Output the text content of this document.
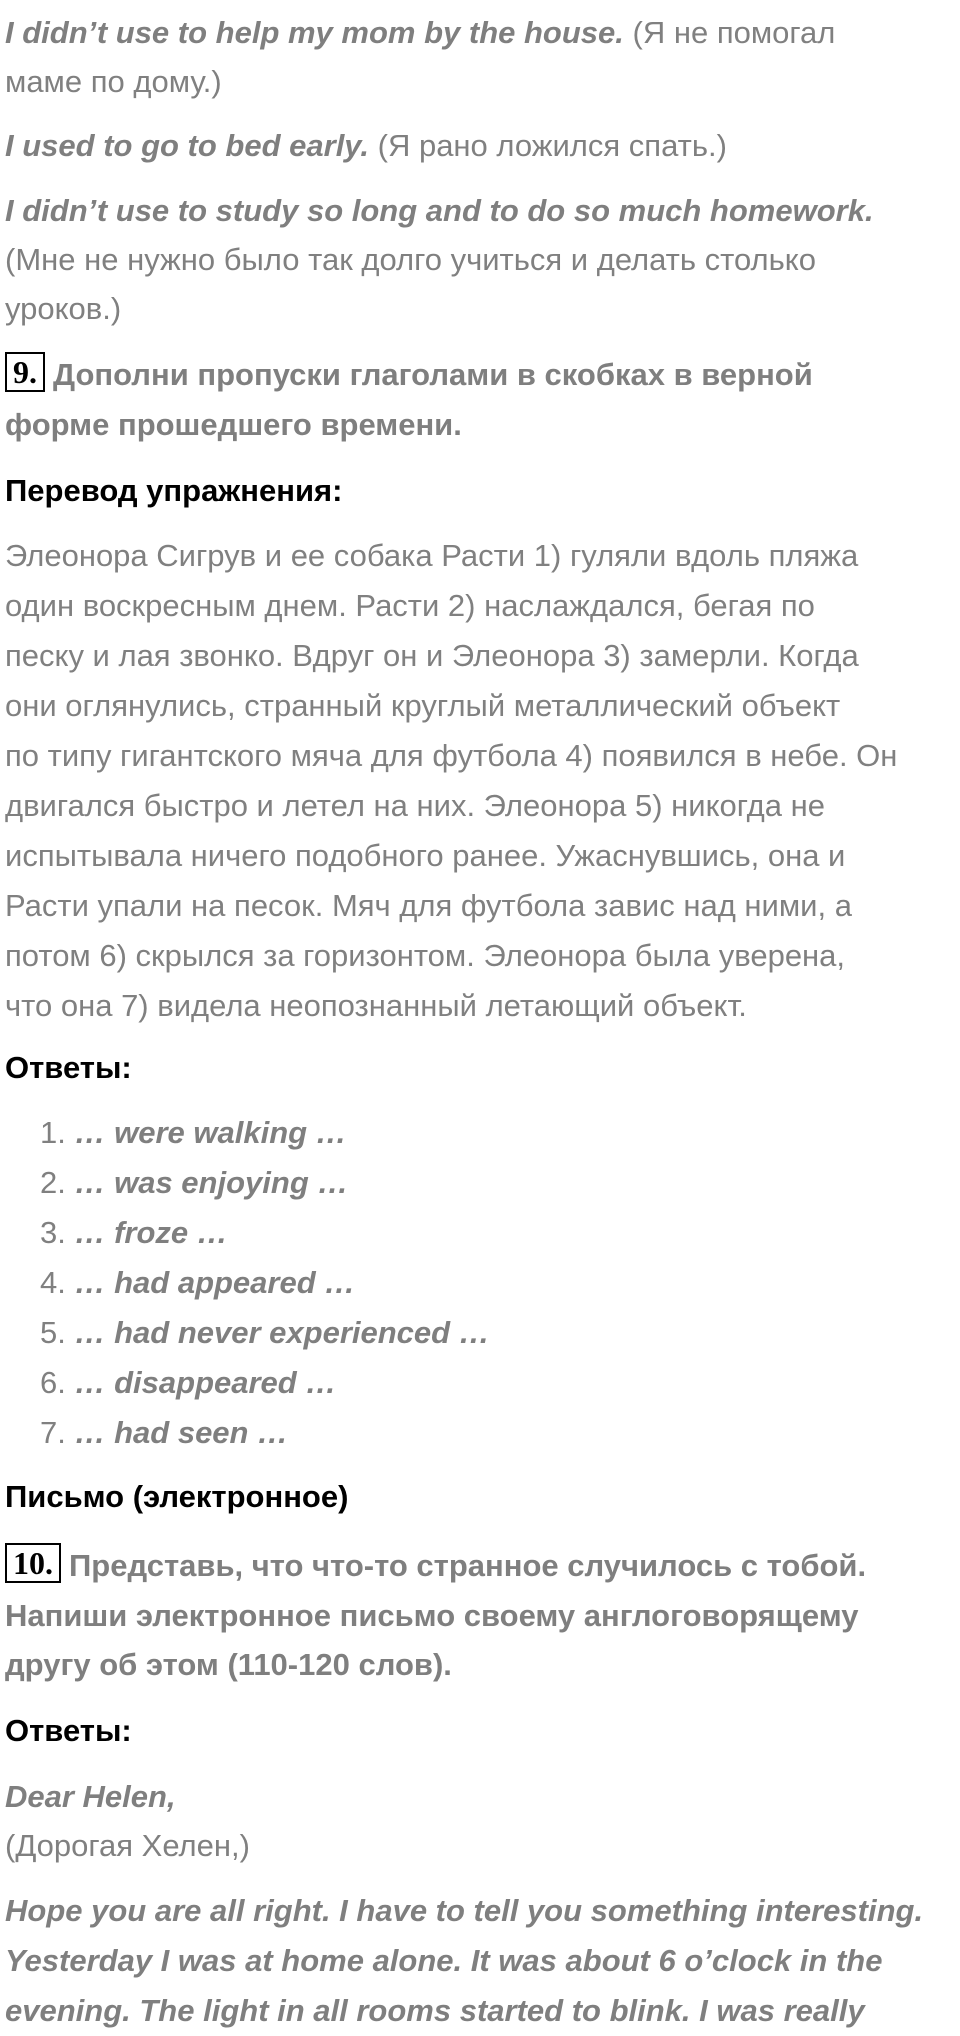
I didn’t use to help my mom by the house. (Я не помогал
маме по дому.)
I used to go to bed early. (Я рано ложился спать.)
I didn’t use to study so long and to do so much homework.
(Мне не нужно было так долго учиться и делать столько
уроков.)
9. Дополни пропуски глаголами в скобках в верной
форме прошедшего времени.
Перевод упражнения:
Элеонора Сигрув и ее собака Расти 1) гуляли вдоль пляжа
один воскресным днем. Расти 2) наслаждался, бегая по
песку и лая звонко. Вдруг он и Элеонора 3) замерли. Когда
они оглянулись, странный круглый металлический объект
по типу гигантского мяча для футбола 4) появился в небе. Он
двигался быстро и летел на них. Элеонора 5) никогда не
испытывала ничего подобного ранее. Ужаснувшись, она и
Расти упали на песок. Мяч для футбола завис над ними, а
потом 6) скрылся за горизонтом. Элеонора была уверена,
что она 7) видела неопознанный летающий объект.
Ответы:
1. … were walking …
2. … was enjoying …
3. … froze …
4. … had appeared …
5. … had never experienced …
6. … disappeared …
7. … had seen …
Письмо (электронное)
10. Представь, что что-то странное случилось с тобой.
Напиши электронное письмо своему англоговорящему
другу об этом (110-120 слов).
Ответы:
Dear Helen,
(Дорогая Хелен,)
Hope you are all right. I have to tell you something interesting.
Yesterday I was at home alone. It was about 6 o’clock in the
evening. The light in all rooms started to blink. I was really
